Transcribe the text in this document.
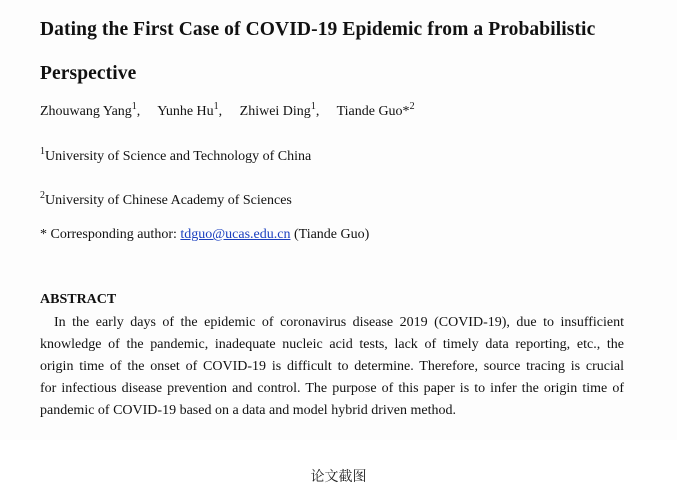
Dating the First Case of COVID-19 Epidemic from a Probabilistic
Perspective
Zhouwang Yang$^1$, Yunhe Hu$^1$, Zhiwei Ding$^1$, Tiande Guo*$^2$
$^1$University of Science and Technology of China
$^2$University of Chinese Academy of Sciences
* Corresponding author: tdguo@ucas.edu.cn (Tiande Guo)
ABSTRACT
In the early days of the epidemic of coronavirus disease 2019 (COVID-19), due to insufficient
knowledge of the pandemic, inadequate nucleic acid tests, lack of timely data reporting, etc., the
origin time of the onset of COVID-19 is difficult to determine. Therefore, source tracing is crucial
for infectious disease prevention and control. The purpose of this paper is to infer the origin time of
pandemic of COVID-19 based on a data and model hybrid driven method.
论文截图
